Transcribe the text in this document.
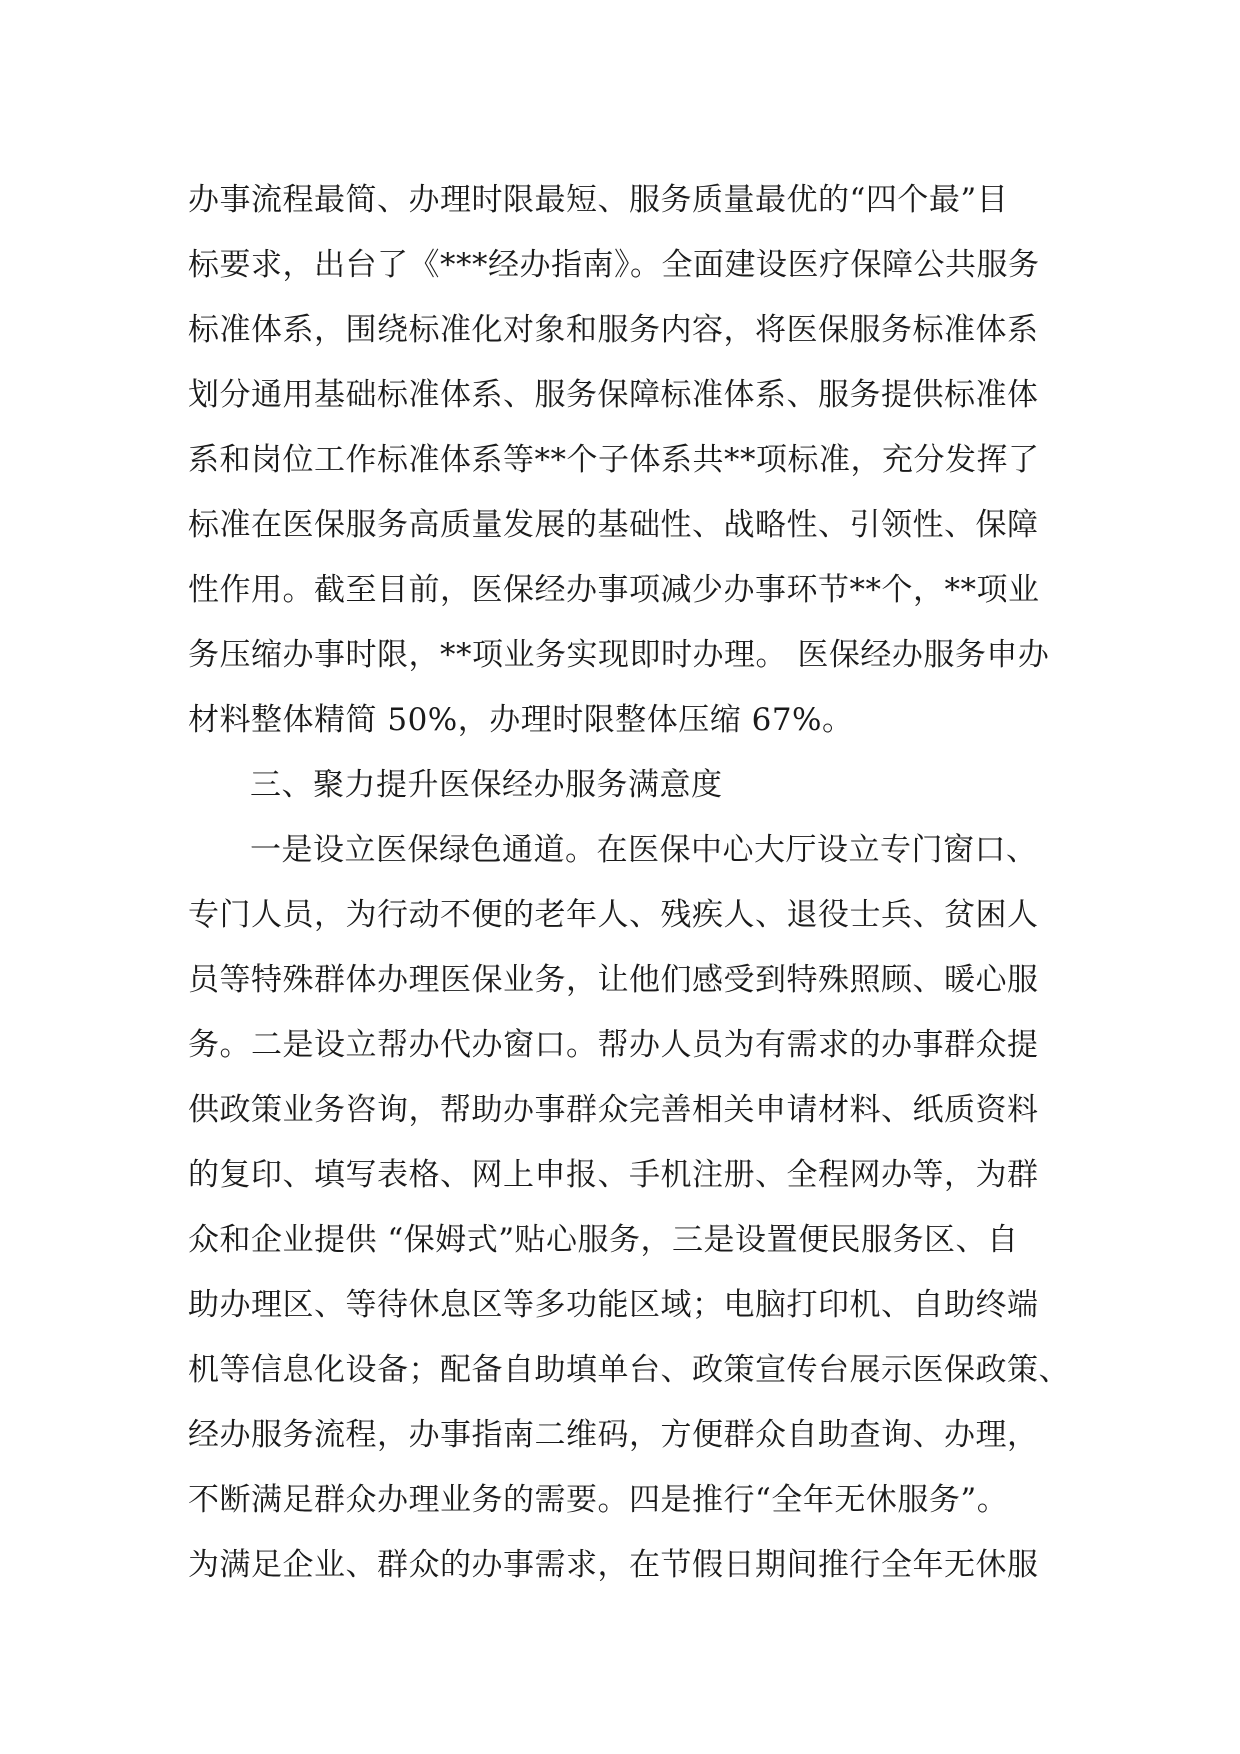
办事流程最简、办理时限最短、服务质量最优的“四个最”目
标要求，出台了《***经办指南》。全面建设医疗保障公共服务
标准体系，围绕标准化对象和服务内容，将医保服务标准体系
划分通用基础标准体系、服务保障标准体系、服务提供标准体
系和岗位工作标准体系等**个子体系共**项标准，充分发挥了
标准在医保服务高质量发展的基础性、战略性、引领性、保障
性作用。截至目前，医保经办事项减少办事环节**个，**项业
务压缩办事时限，**项业务实现即时办理。 医保经办服务申办
材料整体精简 50%，办理时限整体压缩 67%。
三、聚力提升医保经办服务满意度
一是设立医保绿色通道。在医保中心大厅设立专门窗口、
专门人员，为行动不便的老年人、残疾人、退役士兵、贫困人
员等特殊群体办理医保业务，让他们感受到特殊照顾、暖心服
务。二是设立帮办代办窗口。帮办人员为有需求的办事群众提
供政策业务咨询，帮助办事群众完善相关申请材料、纸质资料
的复印、填写表格、网上申报、手机注册、全程网办等，为群
众和企业提供 “保姆式”贴心服务，三是设置便民服务区、自
助办理区、等待休息区等多功能区域；电脑打印机、自助终端
机等信息化设备；配备自助填单台、政策宣传台展示医保政策、
经办服务流程，办事指南二维码，方便群众自助查询、办理，
不断满足群众办理业务的需要。四是推行“全年无休服务”。
为满足企业、群众的办事需求，在节假日期间推行全年无休服
